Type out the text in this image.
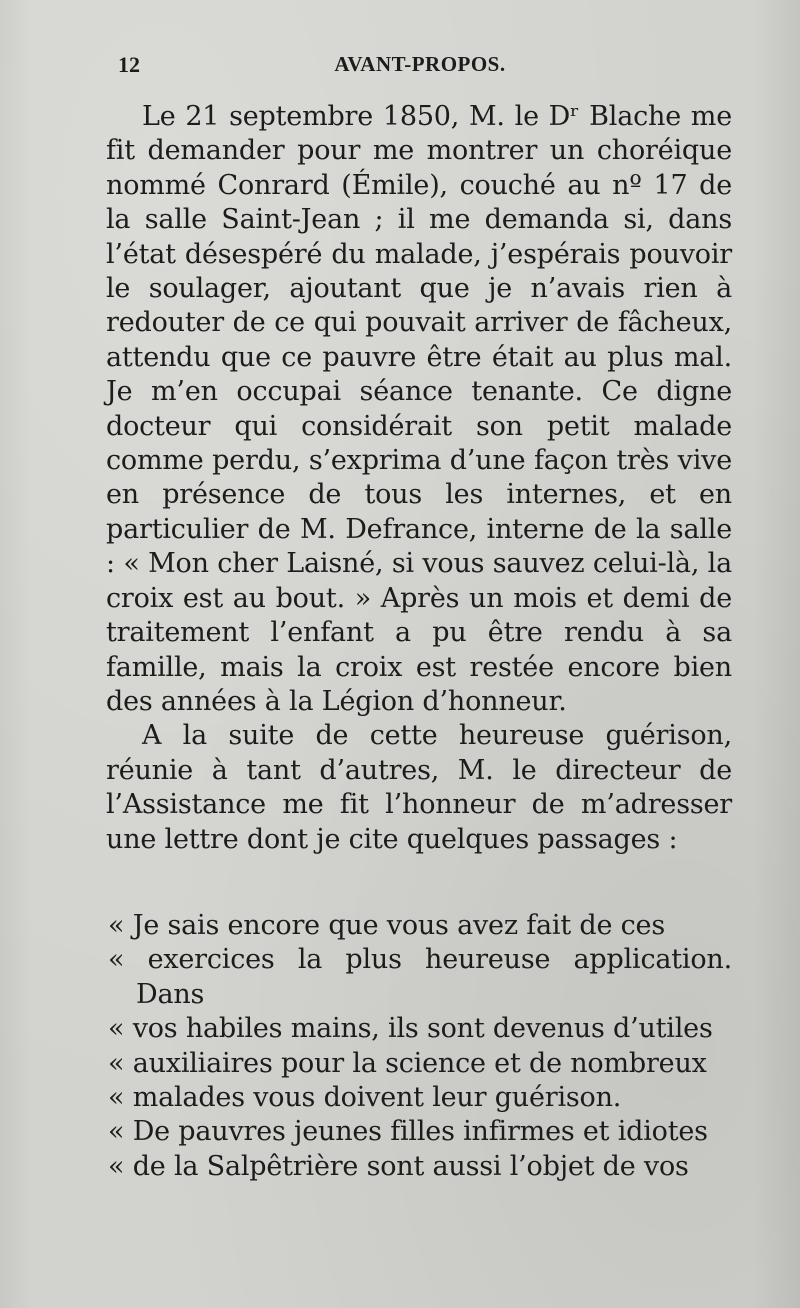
12	AVANT-PROPOS.

Le 21 septembre 1850, M. le Dʳ Blache me fit demander pour me montrer un choréique nommé Conrard (Émile), couché au nº 17 de la salle Saint-Jean ; il me demanda si, dans l’état désespéré du malade, j’espérais pouvoir le soulager, ajoutant que je n’avais rien à redouter de ce qui pouvait arriver de fâcheux, attendu que ce pauvre être était au plus mal. Je m’en occupai séance tenante. Ce digne docteur qui considérait son petit malade comme perdu, s’exprima d’une façon très vive en présence de tous les internes, et en particulier de M. Defrance, interne de la salle : « Mon cher Laisné, si vous sauvez celui-là, la croix est au bout. » Après un mois et demi de traitement l’enfant a pu être rendu à sa famille, mais la croix est restée encore bien des années à la Légion d’honneur.

A la suite de cette heureuse guérison, réunie à tant d’autres, M. le directeur de l’Assistance me fit l’honneur de m’adresser une lettre dont je cite quelques passages :

« Je sais encore que vous avez fait de ces

« exercices la plus heureuse application. Dans

« vos habiles mains, ils sont devenus d’utiles

« auxiliaires pour la science et de nombreux

« malades vous doivent leur guérison.

« De pauvres jeunes filles infirmes et idiotes

« de la Salpêtrière sont aussi l’objet de vos
